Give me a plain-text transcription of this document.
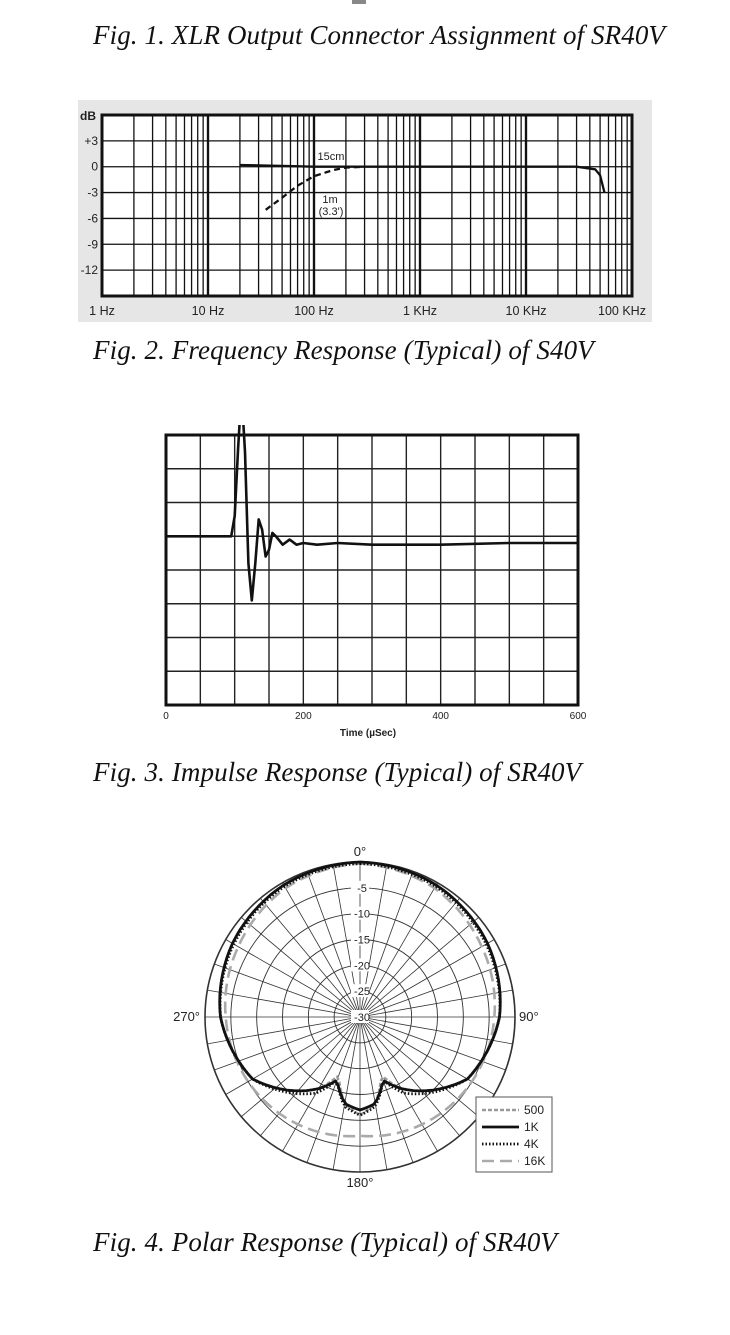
Fig. 1. XLR Output Connector Assignment of SR40V
dB
+3
0
-3
-6
-9
-12
1 Hz	10 Hz	100 Hz	1 KHz	10 KHz	100 KHz
15cm
1m
(3.3')
Fig. 2. Frequency Response (Typical) of S40V
0	200	400	600
Time (µSec)
Fig. 3. Impulse Response (Typical) of SR40V
-5
-10
-15
-20
-25
-30
0°
90°
180°
270°
500
1K
4K
16K
Fig. 4. Polar Response (Typical) of SR40V
